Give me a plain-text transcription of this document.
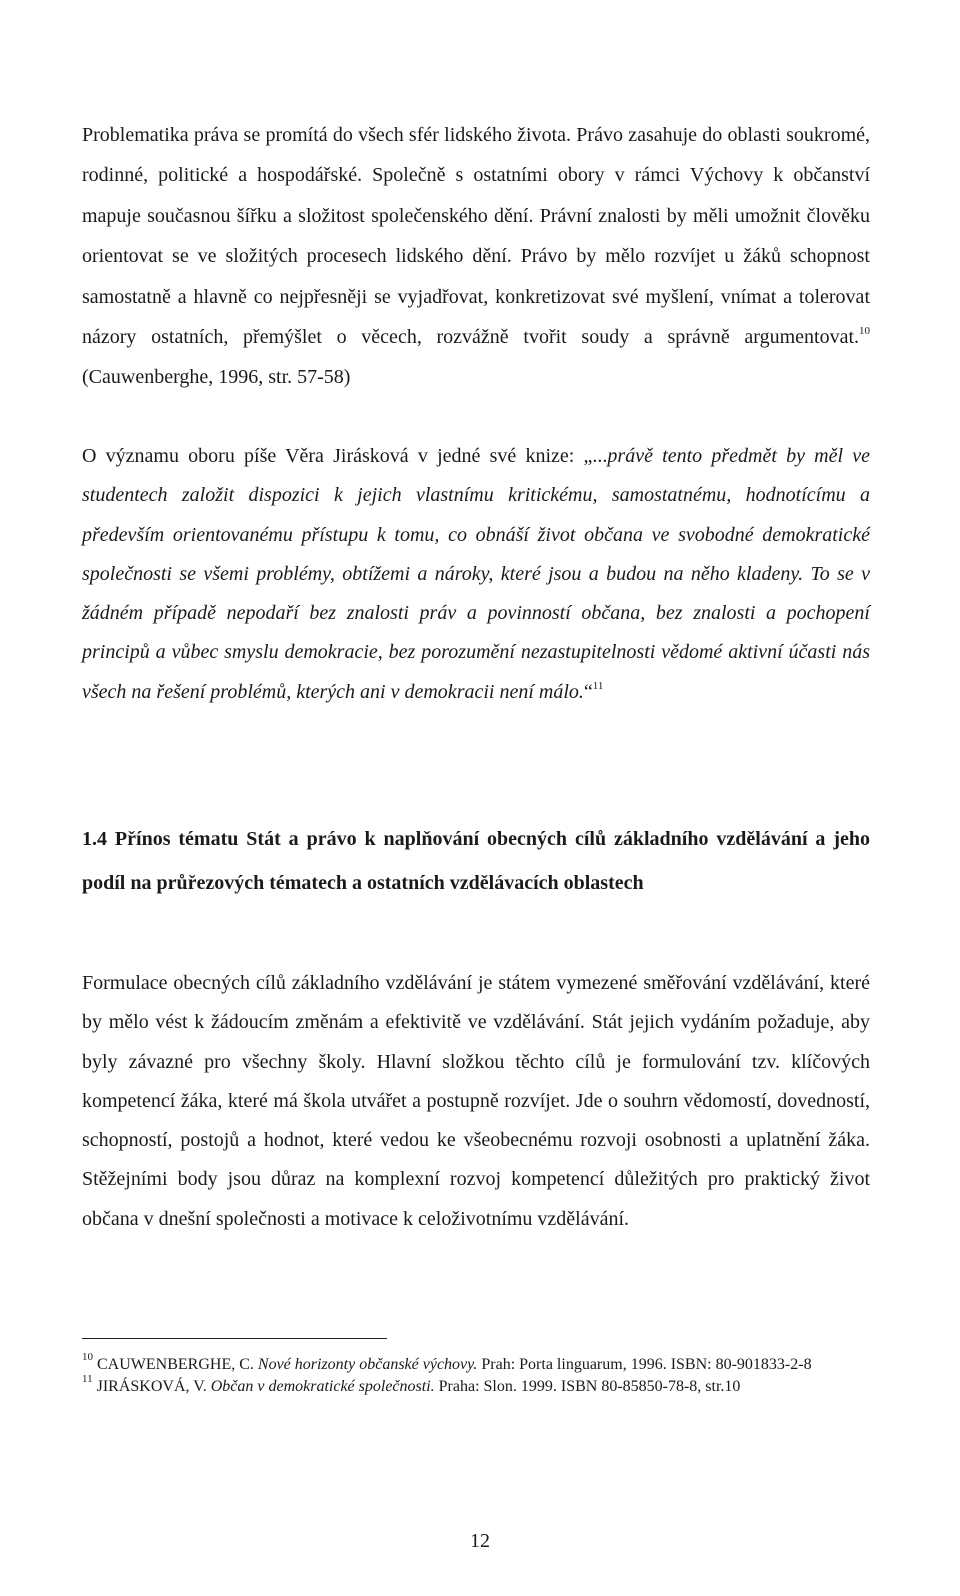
Problematika práva se promítá do všech sfér lidského života. Právo zasahuje do oblasti soukromé, rodinné, politické a hospodářské. Společně s ostatními obory v rámci Výchovy k občanství mapuje současnou šířku a složitost společenského dění. Právní znalosti by měli umožnit člověku orientovat se ve složitých procesech lidského dění. Právo by mělo rozvíjet u žáků schopnost samostatně a hlavně co nejpřesněji se vyjadřovat, konkretizovat své myšlení, vnímat a tolerovat názory ostatních, přemýšlet o věcech, rozvážně tvořit soudy a správně argumentovat.$^{10}$ (Cauwenberghe, 1996, str. 57-58)
O významu oboru píše Věra Jirásková v jedné své knize: „...právě tento předmět by měl ve studentech založit dispozici k jejich vlastnímu kritickému, samostatnému, hodnotícímu a především orientovanému přístupu k tomu, co obnáší život občana ve svobodné demokratické společnosti se všemi problémy, obtížemi a nároky, které jsou a budou na něho kladeny. To se v žádném případě nepodaří bez znalosti práv a povinností občana, bez znalosti a pochopení principů a vůbec smyslu demokracie, bez porozumění nezastupitelnosti vědomé aktivní účasti nás všech na řešení problémů, kterých ani v demokracii není málo.“$^{11}$
1.4 Přínos tématu Stát a právo k naplňování obecných cílů základního vzdělávání a jeho podíl na průřezových tématech a ostatních vzdělávacích oblastech
Formulace obecných cílů základního vzdělávání je státem vymezené směřování vzdělávání, které by mělo vést k žádoucím změnám a efektivitě ve vzdělávání. Stát jejich vydáním požaduje, aby byly závazné pro všechny školy. Hlavní složkou těchto cílů je formulování tzv. klíčových kompetencí žáka, které má škola utvářet a postupně rozvíjet. Jde o souhrn vědomostí, dovedností, schopností, postojů a hodnot, které vedou ke všeobecnému rozvoji osobnosti a uplatnění žáka. Stěžejními body jsou důraz na komplexní rozvoj kompetencí důležitých pro praktický život občana v dnešní společnosti a motivace k celoživotnímu vzdělávání.

$^{10}$ CAUWENBERGHE, C. Nové horizonty občanské výchovy. Prah: Porta linguarum, 1996. ISBN: 80-901833-2-8

$^{11}$ JIRÁSKOVÁ, V. Občan v demokratické společnosti. Praha: Slon. 1999. ISBN 80-85850-78-8, str.10

12
